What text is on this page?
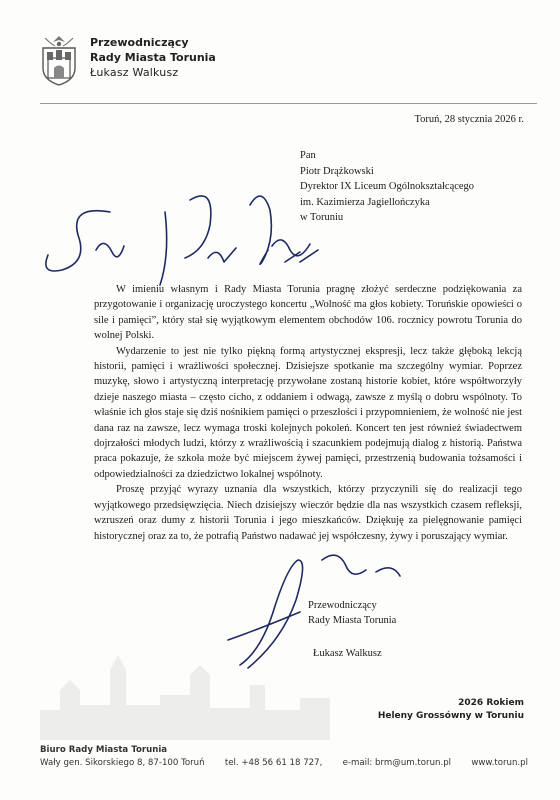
Przewodniczący
Rady Miasta Torunia
Łukasz Walkusz
Toruń, 28 stycznia 2026 r.
Pan
Piotr Drążkowski
Dyrektor IX Liceum Ogólnokształcącego
im. Kazimierza Jagiellończyka
w Toruniu

W imieniu własnym i Rady Miasta Torunia pragnę złożyć serdeczne podziękowania za przygotowanie i organizację uroczystego koncertu „Wolność ma głos kobiety. Toruńskie opowieści o sile i pamięci”, który stał się wyjątkowym elementem obchodów 106. rocznicy powrotu Torunia do wolnej Polski.

Wydarzenie to jest nie tylko piękną formą artystycznej ekspresji, lecz także głęboką lekcją historii, pamięci i wrażliwości społecznej. Dzisiejsze spotkanie ma szczególny wymiar. Poprzez muzykę, słowo i artystyczną interpretację przywołane zostaną historie kobiet, które współtworzyły dzieje naszego miasta – często cicho, z oddaniem i odwagą, zawsze z myślą o dobru wspólnoty. To właśnie ich głos staje się dziś nośnikiem pamięci o przeszłości i przypomnieniem, że wolność nie jest dana raz na zawsze, lecz wymaga troski kolejnych pokoleń. Koncert ten jest również świadectwem dojrzałości młodych ludzi, którzy z wrażliwością i szacunkiem podejmują dialog z historią. Państwa praca pokazuje, że szkoła może być miejscem żywej pamięci, przestrzenią budowania tożsamości i odpowiedzialności za dziedzictwo lokalnej wspólnoty.

Proszę przyjąć wyrazy uznania dla wszystkich, którzy przyczynili się do realizacji tego wyjątkowego przedsięwzięcia. Niech dzisiejszy wieczór będzie dla nas wszystkich czasem refleksji, wzruszeń oraz dumy z historii Torunia i jego mieszkańców. Dziękuję za pielęgnowanie pamięci historycznej oraz za to, że potrafią Państwo nadawać jej współczesny, żywy i poruszający wymiar.

Przewodniczący
Rady Miasta Torunia
Łukasz Walkusz
2026 Rokiem
Heleny Grossówny w Toruniu
Biuro Rady Miasta Torunia
Wały gen. Sikorskiego 8, 87-100 Toruń tel. +48 56 61 18 727, e-mail: brm@um.torun.pl www.torun.pl
